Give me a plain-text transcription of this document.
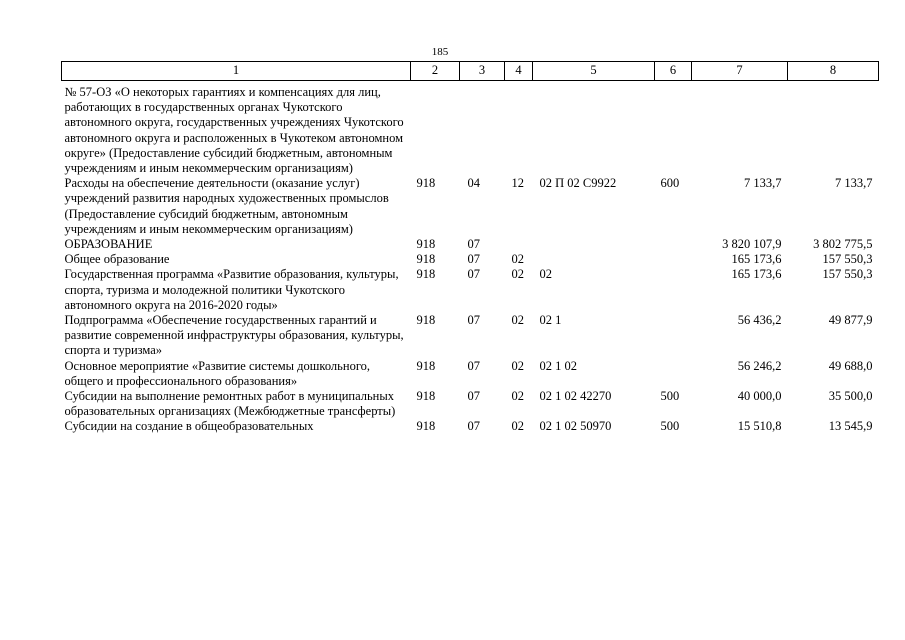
185
1	2	3	4	5	6	7	8
№ 57-ОЗ «О некоторых гарантиях и компенсациях для лиц, работающих в государственных органах Чукотского автономного округа, государственных учреждениях Чукотского автономного округа и расположенных в Чукотеком автономном округе» (Предоставление субсидий бюджетным, автономным учреждениям и иным некоммерческим организациям)							
Расходы на обеспечение деятельности (оказание услуг) учреждений развития народных художественных промыслов (Предоставление субсидий бюджетным, автономным учреждениям и иным некоммерческим организациям)	918	04	12	02 П 02 С9922	600	7 133,7	7 133,7
ОБРАЗОВАНИЕ	918	07				3 820 107,9	3 802 775,5
Общее образование	918	07	02			165 173,6	157 550,3
Государственная программа «Развитие образования, культуры, спорта, туризма и молодежной политики Чукотского автономного округа на 2016-2020 годы»	918	07	02	02		165 173,6	157 550,3
Подпрограмма «Обеспечение государственных гарантий и развитие современной инфраструктуры образования, культуры, спорта и туризма»	918	07	02	02 1		56 436,2	49 877,9
Основное мероприятие «Развитие системы дошкольного, общего и профессионального образования»	918	07	02	02 1 02		56 246,2	49 688,0
Субсидии на выполнение ремонтных работ в муниципальных образовательных организациях (Межбюджетные трансферты)	918	07	02	02 1 02 42270	500	40 000,0	35 500,0
Субсидии на создание в общеобразовательных	918	07	02	02 1 02 50970	500	15 510,8	13 545,9
